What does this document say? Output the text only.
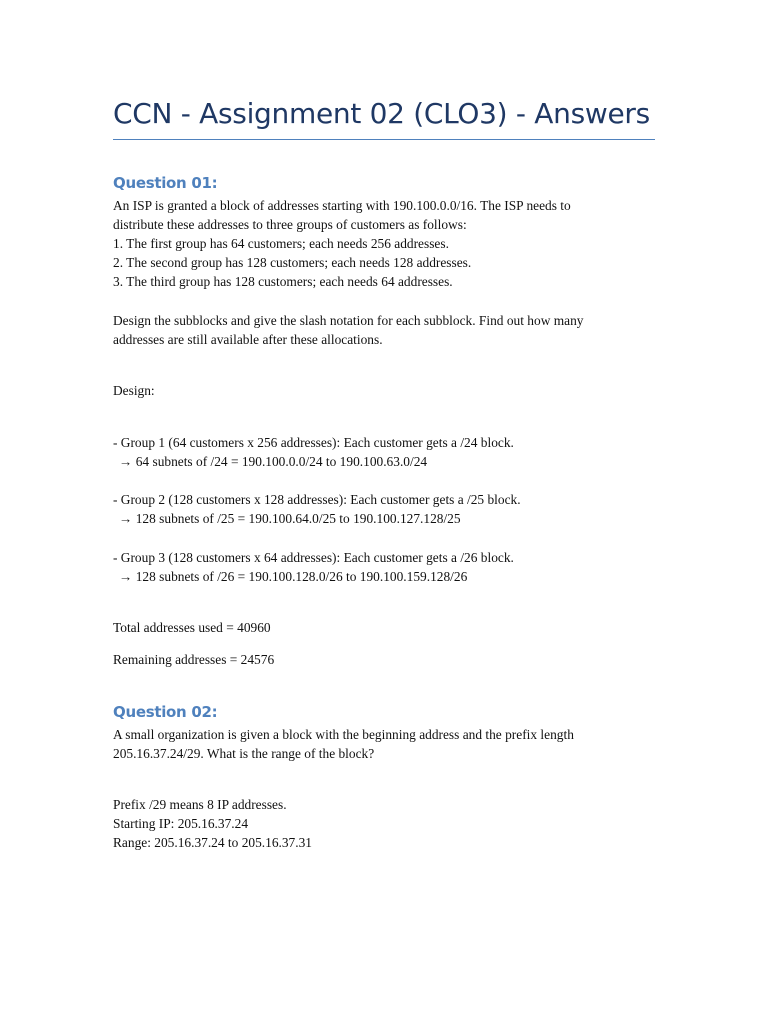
CCN - Assignment 02 (CLO3) - Answers
Question 01:
An ISP is granted a block of addresses starting with 190.100.0.0/16. The ISP needs to
distribute these addresses to three groups of customers as follows:
1. The first group has 64 customers; each needs 256 addresses.
2. The second group has 128 customers; each needs 128 addresses.
3. The third group has 128 customers; each needs 64 addresses.
Design the subblocks and give the slash notation for each subblock. Find out how many
addresses are still available after these allocations.
Design:
- Group 1 (64 customers x 256 addresses): Each customer gets a /24 block.
→ 64 subnets of /24 = 190.100.0.0/24 to 190.100.63.0/24
- Group 2 (128 customers x 128 addresses): Each customer gets a /25 block.
→ 128 subnets of /25 = 190.100.64.0/25 to 190.100.127.128/25
- Group 3 (128 customers x 64 addresses): Each customer gets a /26 block.
→ 128 subnets of /26 = 190.100.128.0/26 to 190.100.159.128/26
Total addresses used = 40960
Remaining addresses = 24576
Question 02:
A small organization is given a block with the beginning address and the prefix length
205.16.37.24/29. What is the range of the block?
Prefix /29 means 8 IP addresses.
Starting IP: 205.16.37.24
Range: 205.16.37.24 to 205.16.37.31
